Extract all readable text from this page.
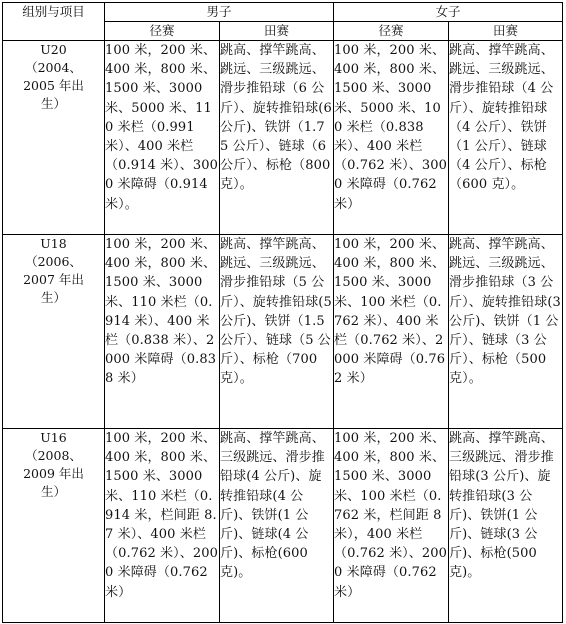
组别与项目	男子		女子	
	径赛	田赛	径赛	田赛

U20
（2004、
2005 年出
生）	100 米，200 米、400 米，800 米、1500 米、3000 米、5000 米、110 米栏（0.991 米）、400 米栏（0.914 米）、3000 米障碍（0.914 米）。	跳高、撑竿跳高、跳远、三级跳远、滑步推铅球（6 公斤）、旋转推铅球(6公斤)、铁饼（1.75 公斤）、链球（6 公斤）、标枪（800 克）。	100 米，200 米、400 米，800 米、1500 米、3000 米、5000 米、100 米栏（0.838 米）、400 米栏（0.762 米）、3000 米障碍（0.762 米）	跳高、撑竿跳高、跳远、三级跳远、滑步推铅球（4 公斤）、旋转推铅球（4 公斤）、铁饼（1 公斤）、链球（4 公斤）、标枪（600 克）。

U18
（2006、
2007 年出
生）	100 米，200 米、400 米，800 米、1500 米、3000 米、110 米栏（0.914 米）、400 米栏（0.838 米）、2000 米障碍（0.838 米）	跳高、撑竿跳高、跳远、三级跳远、滑步推铅球（5 公斤）、旋转推铅球(5公斤)、铁饼（1.5 公斤）、链球（5 公斤）、标枪（700 克）。	100 米，200 米、400 米，800 米、1500 米、3000 米、100 米栏（0.762 米）、400 米栏（0.762 米）、2000 米障碍（0.762 米）	跳高、撑竿跳高、跳远、三级跳远、滑步推铅球（3 公斤）、旋转推铅球(3 公斤)、铁饼（1 公斤）、链球（3 公斤）、标枪（500 克）。

U16
（2008、
2009 年出
生）	100 米，200 米、400 米，800 米、1500 米、3000 米、110 米栏（0.914 米，栏间距 8.7 米）、400 米栏（0.762 米）、2000 米障碍（0.762 米）	跳高、撑竿跳高、三级跳远、滑步推铅球(4 公斤)、旋转推铅球(4 公斤)、铁饼(1 公斤)、链球(4 公斤)、标枪(600 克)。	100 米，200 米、400 米，800 米、1500 米、3000 米、100 米栏（0.762 米，栏间距 8 米），400 米栏（0.762 米）、2000 米障碍（0.762 米）	跳高、撑竿跳高、三级跳远、滑步推铅球(3 公斤)、旋转推铅球(3 公斤)、铁饼(1 公斤)、链球(3 公斤)、标枪(500 克)。
